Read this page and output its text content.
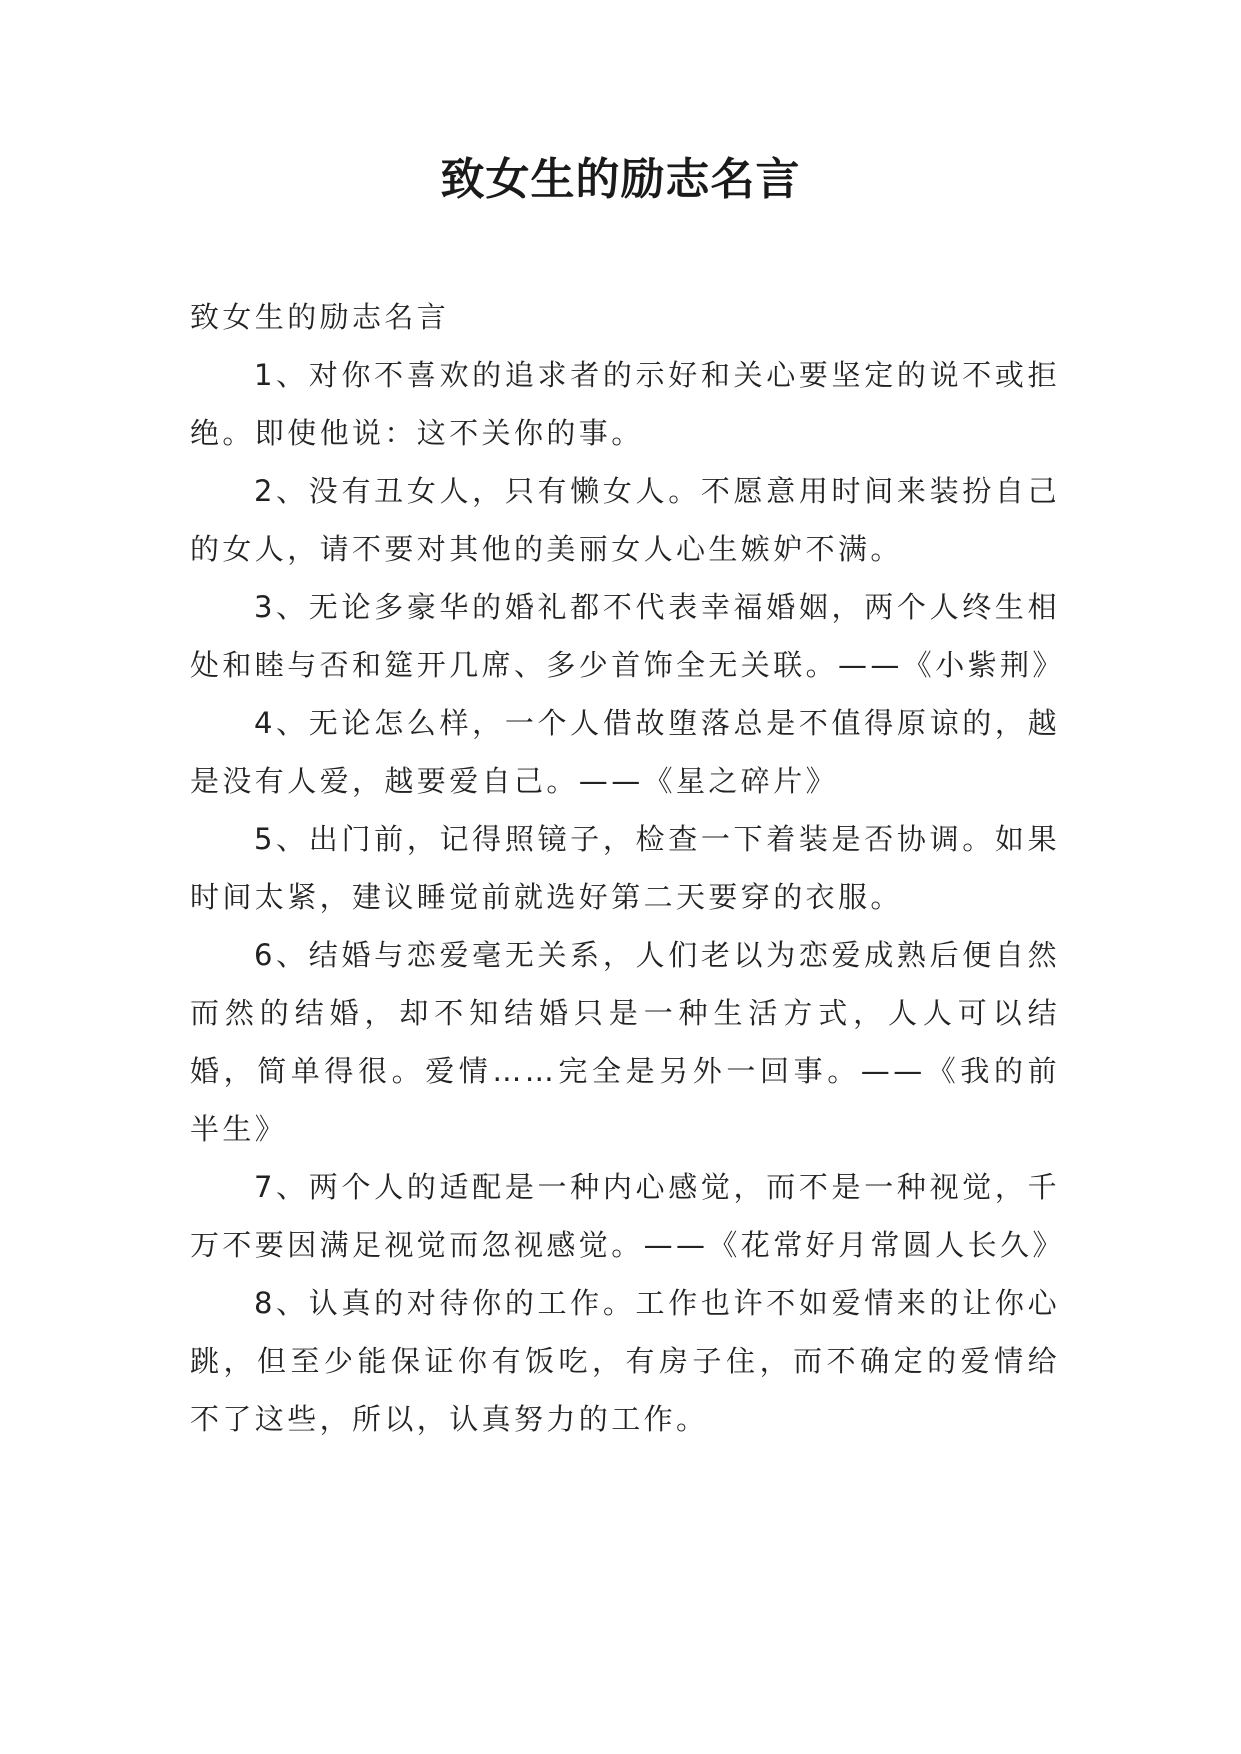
致女生的励志名言

致女生的励志名言

1、对你不喜欢的追求者的示好和关心要坚定的说不或拒绝。即使他说：这不关你的事。

2、没有丑女人，只有懒女人。不愿意用时间来装扮自己的女人，请不要对其他的美丽女人心生嫉妒不满。

3、无论多豪华的婚礼都不代表幸福婚姻，两个人终生相处和睦与否和筵开几席、多少首饰全无关联。——《小紫荆》

4、无论怎么样，一个人借故堕落总是不值得原谅的，越是没有人爱，越要爱自己。——《星之碎片》

5、出门前，记得照镜子，检查一下着装是否协调。如果时间太紧，建议睡觉前就选好第二天要穿的衣服。

6、结婚与恋爱毫无关系，人们老以为恋爱成熟后便自然而然的结婚，却不知结婚只是一种生活方式，人人可以结婚，简单得很。爱情……完全是另外一回事。——《我的前半生》

7、两个人的适配是一种内心感觉，而不是一种视觉，千万不要因满足视觉而忽视感觉。——《花常好月常圆人长久》

8、认真的对待你的工作。工作也许不如爱情来的让你心跳，但至少能保证你有饭吃，有房子住，而不确定的爱情给不了这些，所以，认真努力的工作。
